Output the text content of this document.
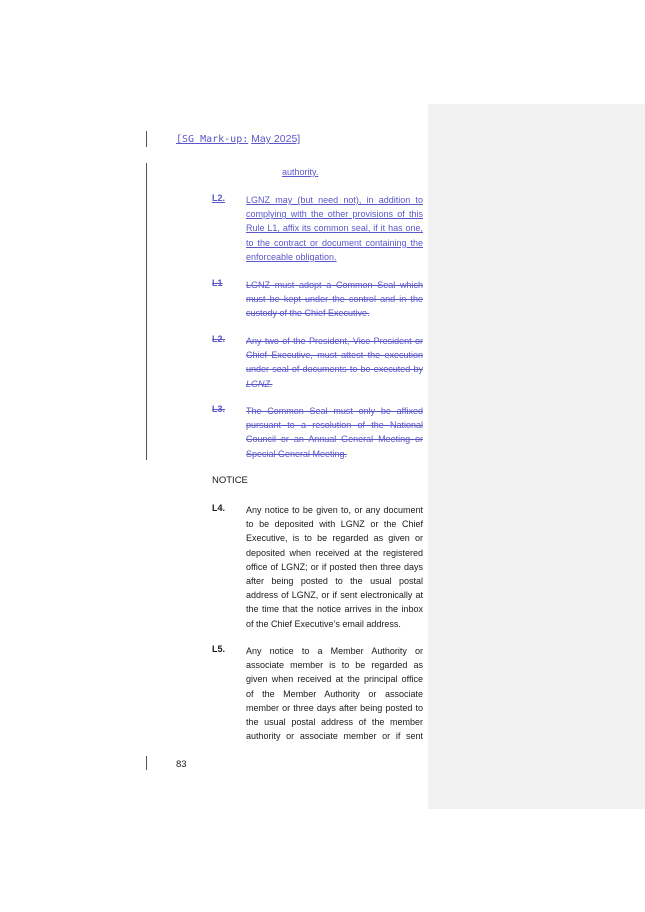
[SG Mark-up: May 2025]
authority.
L2. LGNZ may (but need not), in addition to
complying with the other provisions of this
Rule L1, affix its common seal, if it has one,
to the contract or document containing the
enforceable obligation.
L1	LGNZ must adopt a Common Seal which
must be kept under the control and in the
custody of the Chief Executive.
L2. Any two of the President, Vice President or
Chief Executive, must attest the execution
under seal of documents to be executed by
LGNZ.
L3. The Common Seal must only be affixed
pursuant to a resolution of the National
Council or an Annual General Meeting or
Special General Meeting.
NOTICE
L4. Any notice to be given to, or any document
to be deposited with LGNZ or the Chief
Executive, is to be regarded as given or
deposited when received at the registered
office of LGNZ; or if posted then three days
after being posted to the usual postal
address of LGNZ, or if sent electronically at
the time that the notice arrives in the inbox
of the Chief Executive’s email address.
L5. Any notice to a Member Authority or
associate member is to be regarded as
given when received at the principal office
of the Member Authority or associate
member or three days after being posted to
the usual postal address of the member
authority or associate member or if sent
83
